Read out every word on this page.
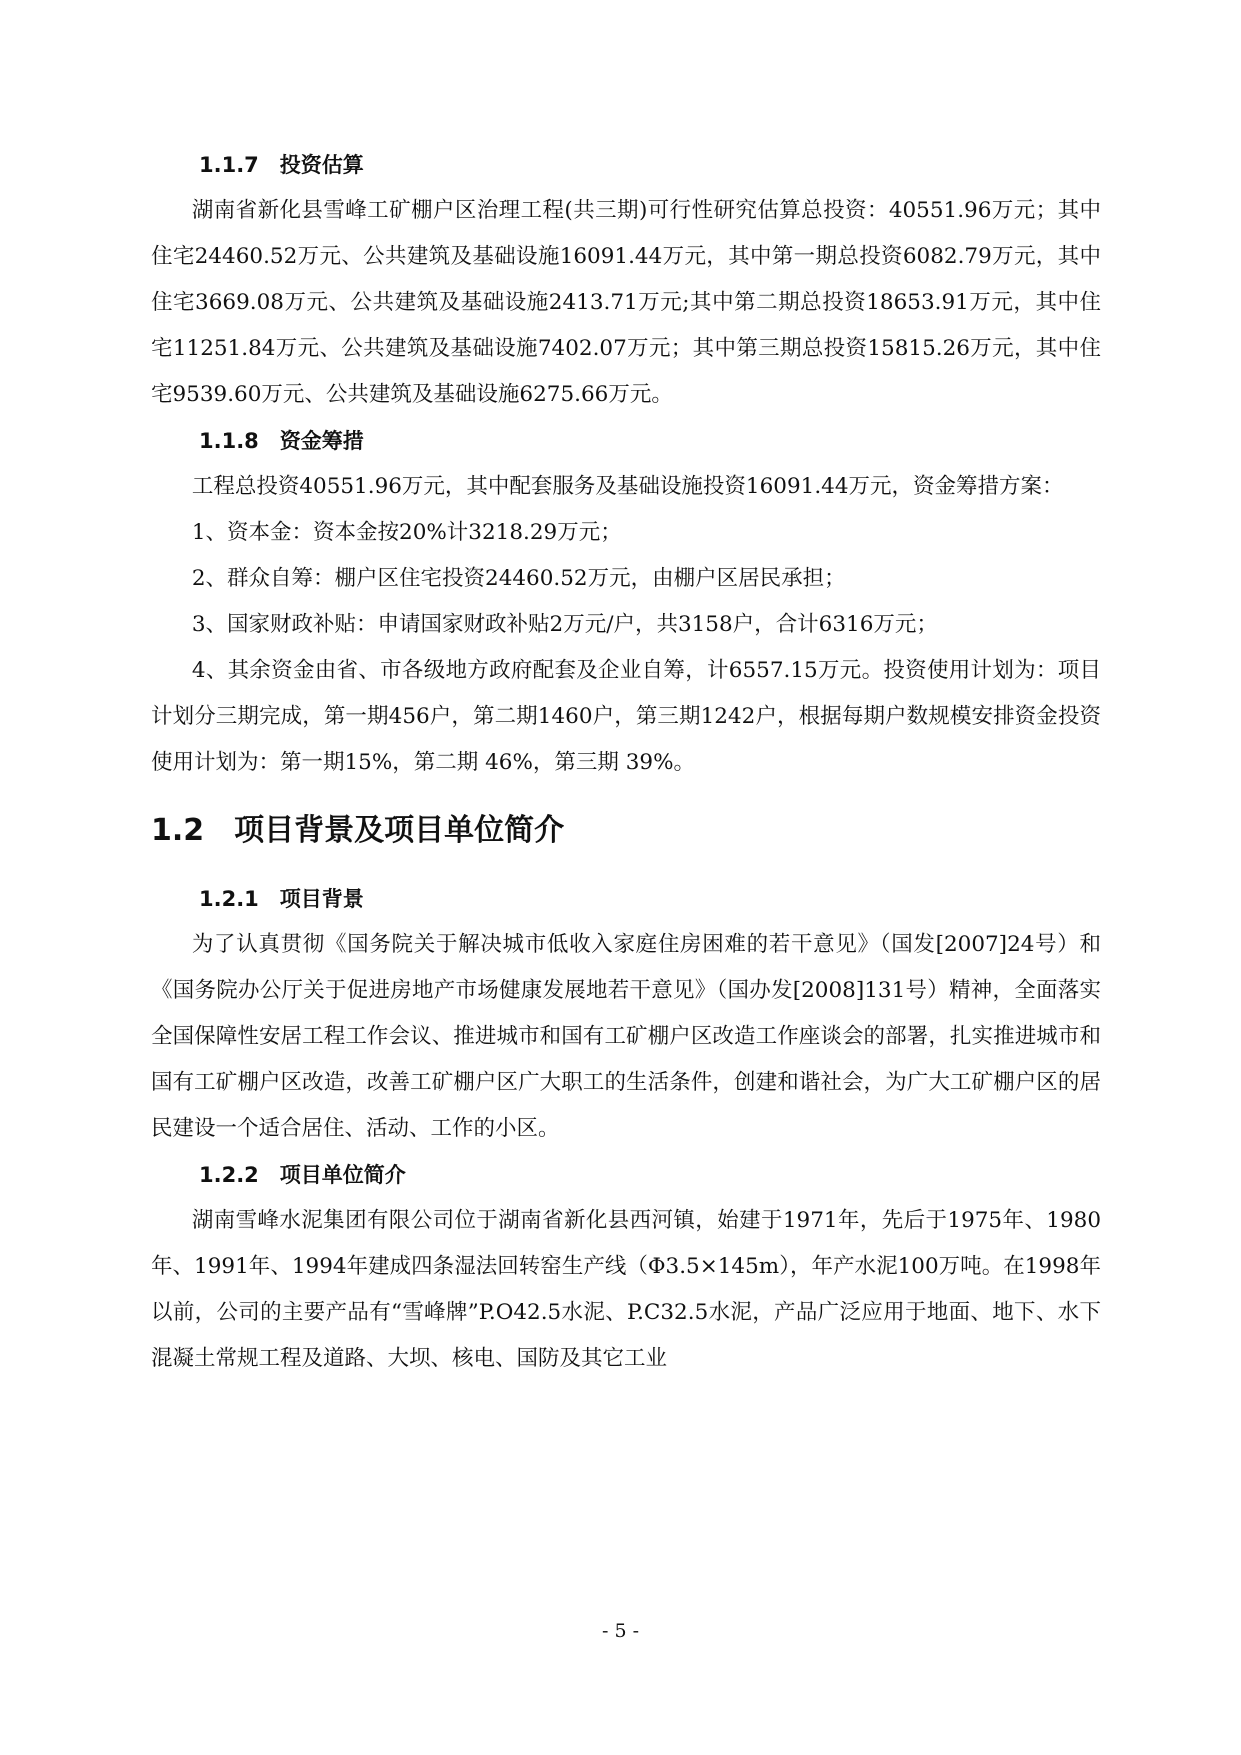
1.1.7　投资估算

湖南省新化县雪峰工矿棚户区治理工程(共三期)可行性研究估算总投资：40551.96万元；其中住宅24460.52万元、公共建筑及基础设施16091.44万元，其中第一期总投资6082.79万元，其中住宅3669.08万元、公共建筑及基础设施2413.71万元;其中第二期总投资18653.91万元，其中住宅11251.84万元、公共建筑及基础设施7402.07万元；其中第三期总投资15815.26万元，其中住宅9539.60万元、公共建筑及基础设施6275.66万元。

1.1.8　资金筹措

工程总投资40551.96万元，其中配套服务及基础设施投资16091.44万元，资金筹措方案：

1、资本金：资本金按20%计3218.29万元；

2、群众自筹：棚户区住宅投资24460.52万元，由棚户区居民承担；

3、国家财政补贴：申请国家财政补贴2万元/户，共3158户，合计6316万元；

4、其余资金由省、市各级地方政府配套及企业自筹，计6557.15万元。投资使用计划为：项目计划分三期完成，第一期456户，第二期1460户，第三期1242户，根据每期户数规模安排资金投资使用计划为：第一期15%，第二期 46%，第三期 39%。

1.2　项目背景及项目单位简介
1.2.1　项目背景

为了认真贯彻《国务院关于解决城市低收入家庭住房困难的若干意见》（国发[2007]24号）和《国务院办公厅关于促进房地产市场健康发展地若干意见》（国办发[2008]131号）精神，全面落实全国保障性安居工程工作会议、推进城市和国有工矿棚户区改造工作座谈会的部署，扎实推进城市和国有工矿棚户区改造，改善工矿棚户区广大职工的生活条件，创建和谐社会，为广大工矿棚户区的居民建设一个适合居住、活动、工作的小区。

1.2.2　项目单位简介

湖南雪峰水泥集团有限公司位于湖南省新化县西河镇，始建于1971年，先后于1975年、1980年、1991年、1994年建成四条湿法回转窑生产线（Φ3.5×145m），年产水泥100万吨。在1998年以前，公司的主要产品有“雪峰牌”P.O42.5水泥、P.C32.5水泥，产品广泛应用于地面、地下、水下混凝土常规工程及道路、大坝、核电、国防及其它工业

- 5 -
